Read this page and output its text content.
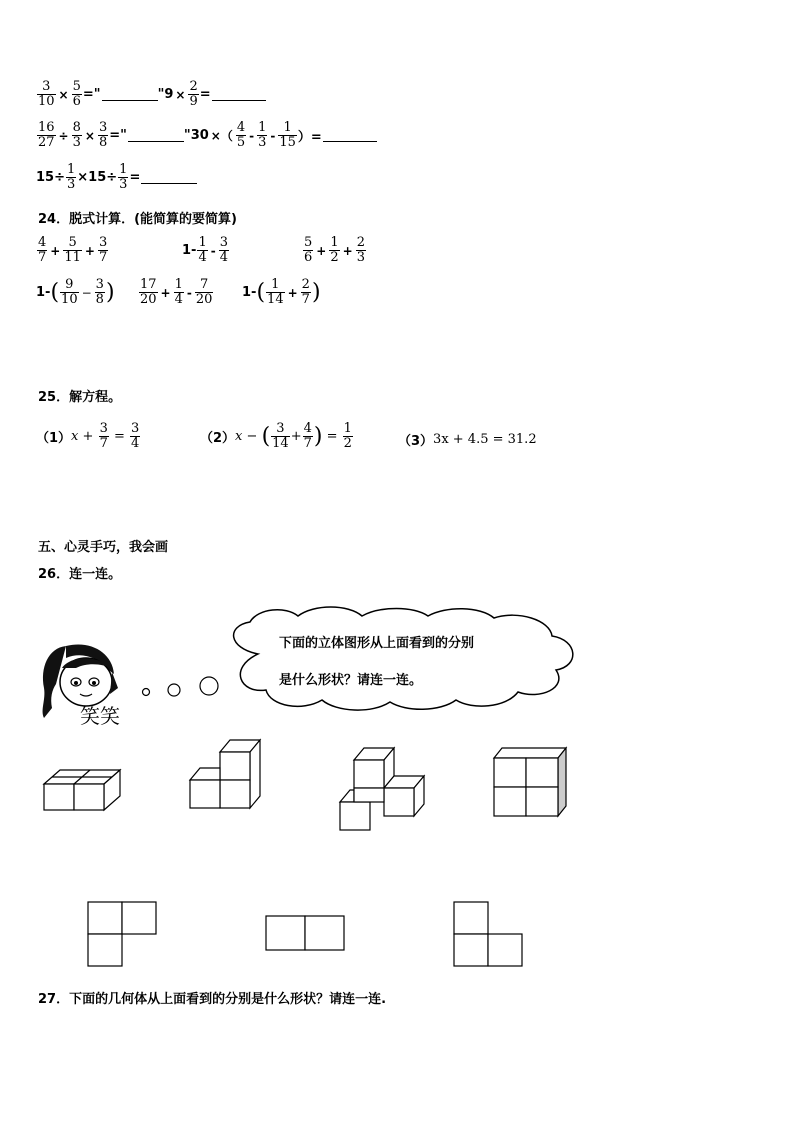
$\frac{3}{10} \times \frac{5}{6}$ ="	" $9 \times \frac{2}{9}$ =
$\frac{16}{27} \div \frac{8}{3} \times \frac{3}{8}$ ="	" 30 ×（ $\frac{4}{5} - \frac{1}{3} - \frac{1}{15}$ ）=
$15\div \frac{1}{3} \times 15\div \frac{1}{3}$ =
24．脱式计算．(能简算的要简算)
$\frac{4}{7} + \frac{5}{11} + \frac{3}{7}$	$1- \frac{1}{4} - \frac{3}{4}$	$\frac{5}{6} + \frac{1}{2} + \frac{2}{3}$
1- ( $\frac{9}{10} - \frac{3}{8}$ ) $\frac{17}{20} + \frac{1}{4} - \frac{7}{20} 1-$ ( $\frac{1}{14} + \frac{2}{7}$ )
25．解方程。
（1） $x + \frac{3}{7} = \frac{3}{4}$	（2） x − ( $\frac{3}{14} + \frac{4}{7}$ ) = $\frac{1}{2}$	（3） 3x + 4.5 = 31.2
五、心灵手巧，我会画
26．连一连。
笑笑
下面的立体图形从上面看到的分别
是什么形状？请连一连。
27．下面的几何体从上面看到的分别是什么形状？请连一连.
